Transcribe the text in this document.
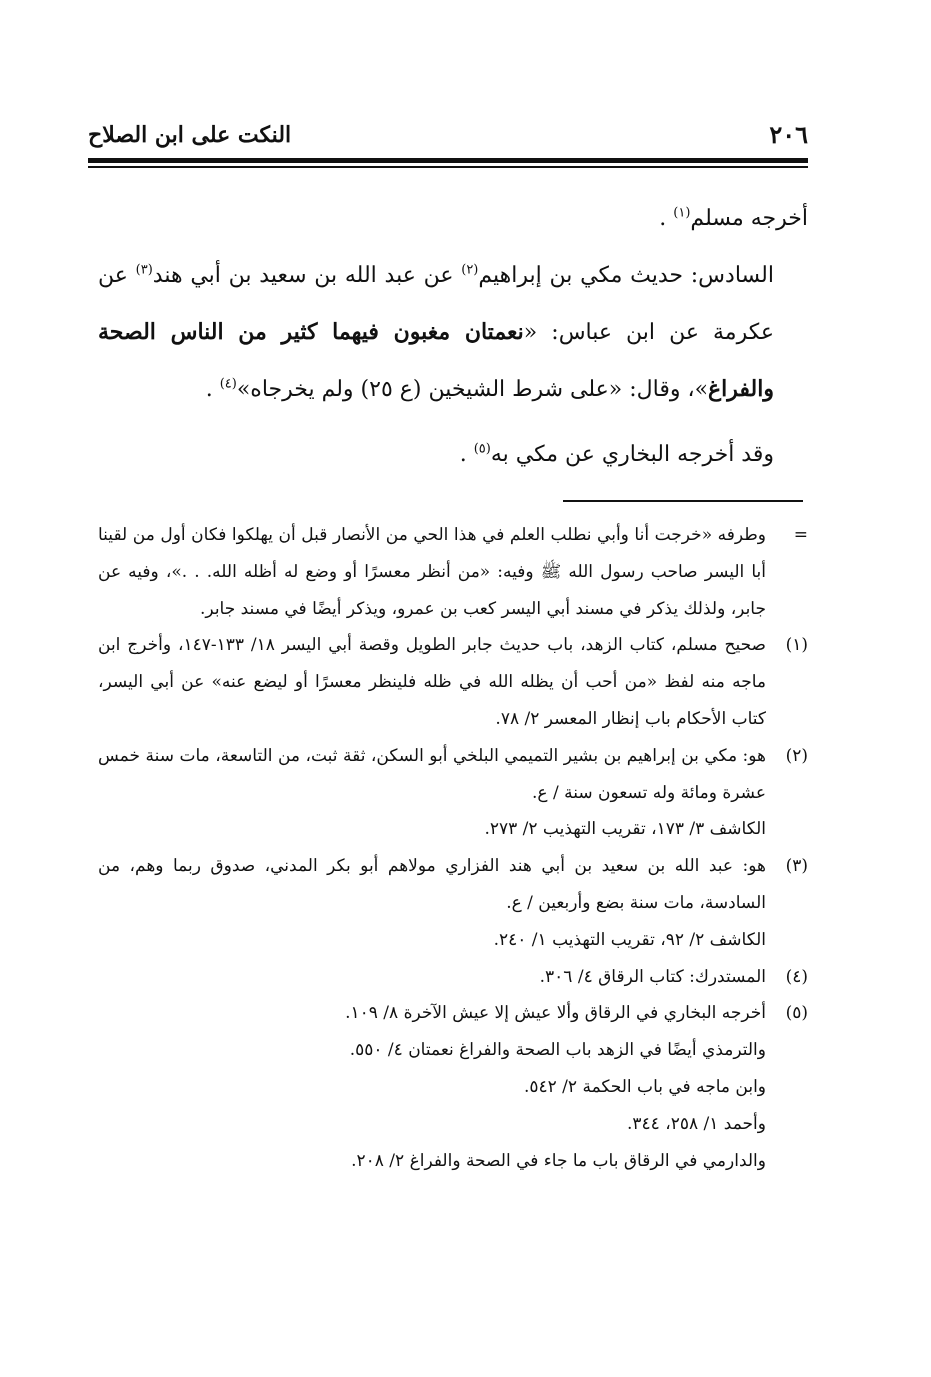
٢٠٦
النكت على ابن الصلاح

أخرجه مسلم$^{(١)}$ .

السادس: حديث مكي بن إبراهيم$^{(٢)}$ عن عبد الله بن سعيد بن أبي هند$^{(٣)}$ عن عكرمة عن ابن عباس: «نعمتان مغبون فيهما كثير من الناس الصحة والفراغ»، وقال: «على شرط الشيخين (ع ٢٥) ولم يخرجاه»$^{(٤)}$ .

وقد أخرجه البخاري عن مكي به$^{(٥)}$ .

=
وطرفه «خرجت أنا وأبي نطلب العلم في هذا الحي من الأنصار قبل أن يهلكوا فكان أول من لقينا أبا اليسر صاحب رسول الله ﷺ وفيه: «من أنظر معسرًا أو وضع له أظله الله. . .»، وفيه عن جابر، ولذلك يذكر في مسند أبي اليسر كعب بن عمرو، ويذكر أيضًا في مسند جابر.
(١)
صحيح مسلم، كتاب الزهد، باب حديث جابر الطويل وقصة أبي اليسر ١٨/ ١٣٣-١٤٧، وأخرج ابن ماجه منه لفظ «من أحب أن يظله الله في ظله فلينظر معسرًا أو ليضع عنه» عن أبي اليسر، كتاب الأحكام باب إنظار المعسر ٢/ ٧٨.
(٢)
هو: مكي بن إبراهيم بن بشير التميمي البلخي أبو السكن، ثقة ثبت، من التاسعة، مات سنة خمس عشرة ومائة وله تسعون سنة / ع.
الكاشف ٣/ ١٧٣، تقريب التهذيب ٢/ ٢٧٣.
(٣)
هو: عبد الله بن سعيد بن أبي هند الفزاري مولاهم أبو بكر المدني، صدوق ربما وهم، من السادسة، مات سنة بضع وأربعين / ع.
الكاشف ٢/ ٩٢، تقريب التهذيب ١/ ٢٤٠.
(٤)
المستدرك: كتاب الرقاق ٤/ ٣٠٦.
(٥)
أخرجه البخاري في الرقاق وألا عيش إلا عيش الآخرة ٨/ ١٠٩.
والترمذي أيضًا في الزهد باب الصحة والفراغ نعمتان ٤/ ٥٥٠.
وابن ماجه في باب الحكمة ٢/ ٥٤٢.
وأحمد ١/ ٢٥٨، ٣٤٤.
والدارمي في الرقاق باب ما جاء في الصحة والفراغ ٢/ ٢٠٨.
